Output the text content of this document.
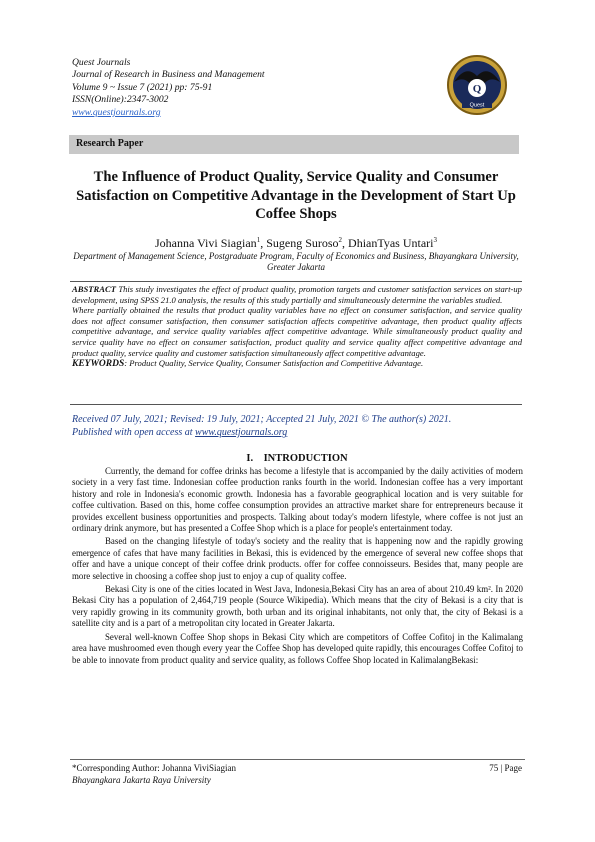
Quest Journals
Journal of Research in Business and Management
Volume 9 ~ Issue 7 (2021) pp: 75-91
ISSN(Online):2347-3002
www.questjournals.org
Q
Quest
Research Paper
The Influence of Product Quality, Service Quality and Consumer Satisfaction on Competitive Advantage in the Development of Start Up Coffee Shops
Johanna Vivi Siagian$^1$, Sugeng Suroso$^2$, DhianTyas Untari$^3$
Department of Management Science, Postgraduate Program, Faculty of Economics and Business, Bhayangkara University, Greater Jakarta

ABSTRACT This study investigates the effect of product quality, promotion targets and customer satisfaction services on start-up development, using SPSS 21.0 analysis, the results of this study partially and simultaneously determine the variables studied.

Where partially obtained the results that product quality variables have no effect on consumer satisfaction, and service quality does not affect consumer satisfaction, then consumer satisfaction affects competitive advantage, then product quality affects competitive advantage, and service quality variables affect competitive advantage. While simultaneously product quality and service quality have no effect on consumer satisfaction, product quality and service quality affect competitive advantage and product quality, service quality and customer satisfaction simultaneously affect competitive advantage.

KEYWORDS: Product Quality, Service Quality, Consumer Satisfaction and Competitive Advantage.

Received 07 July, 2021; Revised: 19 July, 2021; Accepted 21 July, 2021 © The author(s) 2021.
Published with open access at www.questjournals.org
I.    INTRODUCTION

Currently, the demand for coffee drinks has become a lifestyle that is accompanied by the daily activities of modern society in a very fast time. Indonesian coffee production ranks fourth in the world. Indonesian coffee has a very important history and role in Indonesia's economic growth. Indonesia has a favorable geographical location and is very suitable for coffee cultivation. Based on this, home coffee consumption provides an attractive market share for entrepreneurs because it provides excellent business opportunities and prospects. Talking about today's modern lifestyle, where coffee is not just an ordinary drink anymore, but has presented a Coffee Shop which is a place for people's entertainment today.

Based on the changing lifestyle of today's society and the reality that is happening now and the rapidly growing emergence of cafes that have many facilities in Bekasi, this is evidenced by the emergence of several new coffee shops that offer and have a unique concept of their coffee drink products. offer for coffee connoisseurs. Besides that, many people are more selective in choosing a coffee shop just to enjoy a cup of quality coffee.

Bekasi City is one of the cities located in West Java, Indonesia,Bekasi City has an area of about 210.49 km². In 2020 Bekasi City has a population of 2,464,719 people (Source Wikipedia). Which means that the city of Bekasi is a city that is very rapidly growing in its community growth, both urban and its original inhabitants, not only that, the city of Bekasi is a satellite city and is a part of a metropolitan city located in Greater Jakarta.

Several well-known Coffee Shop shops in Bekasi City which are competitors of Coffee Cofitoj in the Kalimalang area have mushroomed even though every year the Coffee Shop has developed quite rapidly, this encourages Coffee Cofitoj to be able to innovate from product quality and service quality, as follows Coffee Shop located in KalimalangBekasi:

*Corresponding Author: Johanna ViviSiagian
Bhayangkara Jakarta Raya University
75 | Page
